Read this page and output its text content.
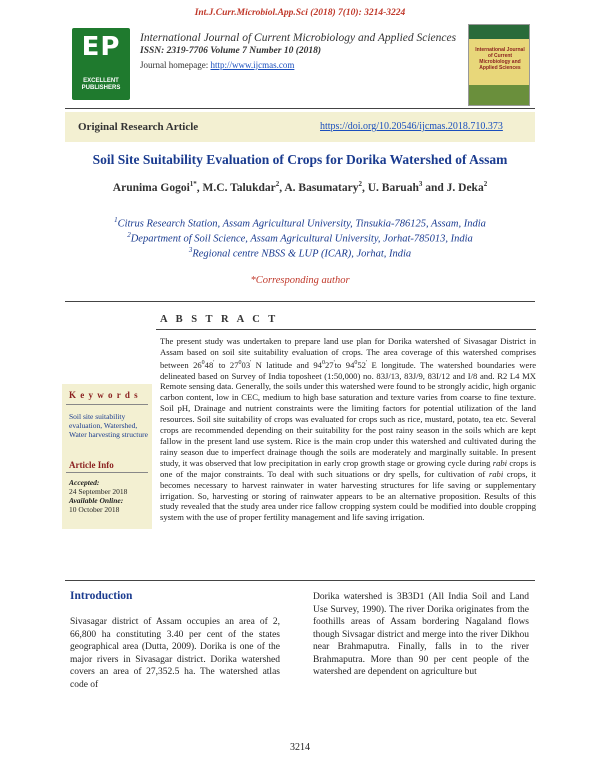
Int.J.Curr.Microbiol.App.Sci (2018) 7(10): 3214-3224
EP
EXCELLENT PUBLISHERS
International Journal of Current Microbiology and Applied Sciences
ISSN: 2319-7706 Volume 7 Number 10 (2018)
Journal homepage: http://www.ijcmas.com
International Journal of Current Microbiology and Applied Sciences
Original Research Article	https://doi.org/10.20546/ijcmas.2018.710.373
Soil Site Suitability Evaluation of Crops for Dorika Watershed of Assam
Arunima Gogoi$^{1*}$, M.C. Talukdar$^2$, A. Basumatary$^2$, U. Baruah$^3$ and J. Deka$^2$
$^1$Citrus Research Station, Assam Agricultural University, Tinsukia-786125, Assam, India
$^2$Department of Soil Science, Assam Agricultural University, Jorhat-785013, India
$^3$Regional centre NBSS & LUP (ICAR), Jorhat, India
*Corresponding author
A B S T R A C T
The present study was undertaken to prepare land use plan for Dorika watershed of Sivasagar District in Assam based on soil site suitability evaluation of crops. The area coverage of this watershed comprises between $26^048'$ to $27^003'$ N latitude and $94^027'to$ $94^052'$ E longitude. The watershed boundaries were delineated based on Survey of India toposheet (1:50,000) no. 83J/13, 83J/9, 83I/12 and I/8 and. R2 L4 MX Remote sensing data. Generally, the soils under this watershed were found to be strongly acidic, high organic carbon content, low in CEC, medium to high base saturation and texture varies from coarse to fine texture. Soil pH, Drainage and nutrient constraints were the limiting factors for potential utilization of the land resources. Soil site suitability of crops was evaluated for crops such as rice, mustard, potato, tea etc. Several crops are recommended depending on their suitability for the post rainy season in the soils which are kept fallow in the present land use system. Rice is the main crop under this watershed and cultivated during the rainy season due to imperfect drainage though the soils are moderately and marginally suitable. In present study, it was observed that low precipitation in early crop growth stage or growing cycle during rabi crops is one of the major constraints. To deal with such situations or dry spells, for cultivation of rabi crops, it becomes necessary to harvest rainwater in water harvesting structures for life saving or supplementary irrigation. So, harvesting or storing of rainwater appears to be an alternative proposition. Results of this study revealed that the study area under rice fallow cropping system could be modified into double cropping system with the use of proper fertility management and life saving irrigation.
K e y w o r d s
Soil site suitability evaluation, Watershed, Water harvesting structure
Article Info
Accepted:
24 September 2018
Available Online:
10 October 2018
Introduction
Sivasagar district of Assam occupies an area of 2, 66,800 ha constituting 3.40 per cent of the states geographical area (Dutta, 2009). Dorika is one of the major rivers in Sivasagar district. Dorika watershed covers an area of 27,352.5 ha. The watershed atlas code of
Dorika watershed is 3B3D1 (All India Soil and Land Use Survey, 1990). The river Dorika originates from the foothills areas of Assam bordering Nagaland flows though Sivsagar district and merge into the river Dikhou near Brahmaputra. Finally, falls in to the river Brahmaputra. More than 90 per cent people of the watershed are dependent on agriculture but
3214
